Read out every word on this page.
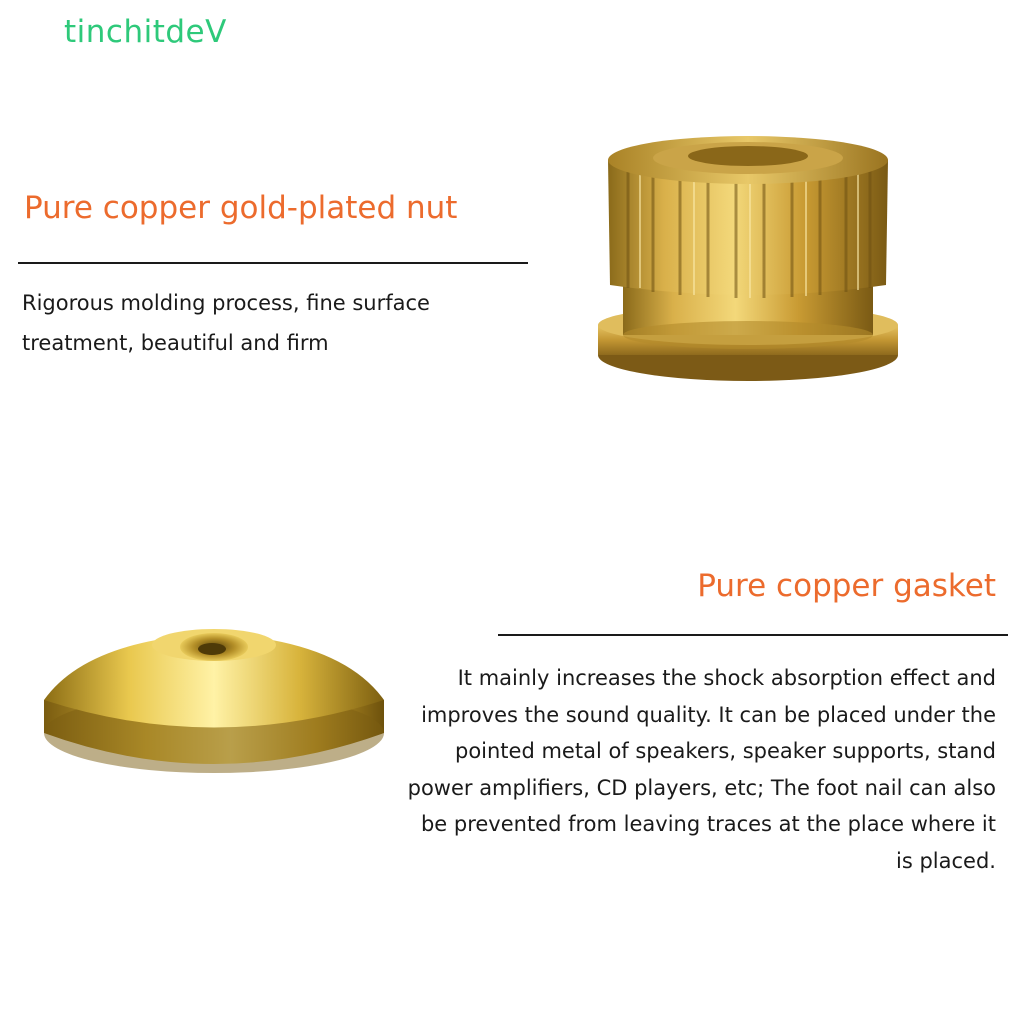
tinchitdeV
Pure copper gold-plated nut
Rigorous molding process, fine surface treatment, beautiful and firm
Pure copper gasket
It mainly increases the shock absorption effect and improves the sound quality. It can be placed under the pointed metal of speakers, speaker supports, stand power amplifiers, CD players, etc; The foot nail can also be prevented from leaving traces at the place where it is placed.
